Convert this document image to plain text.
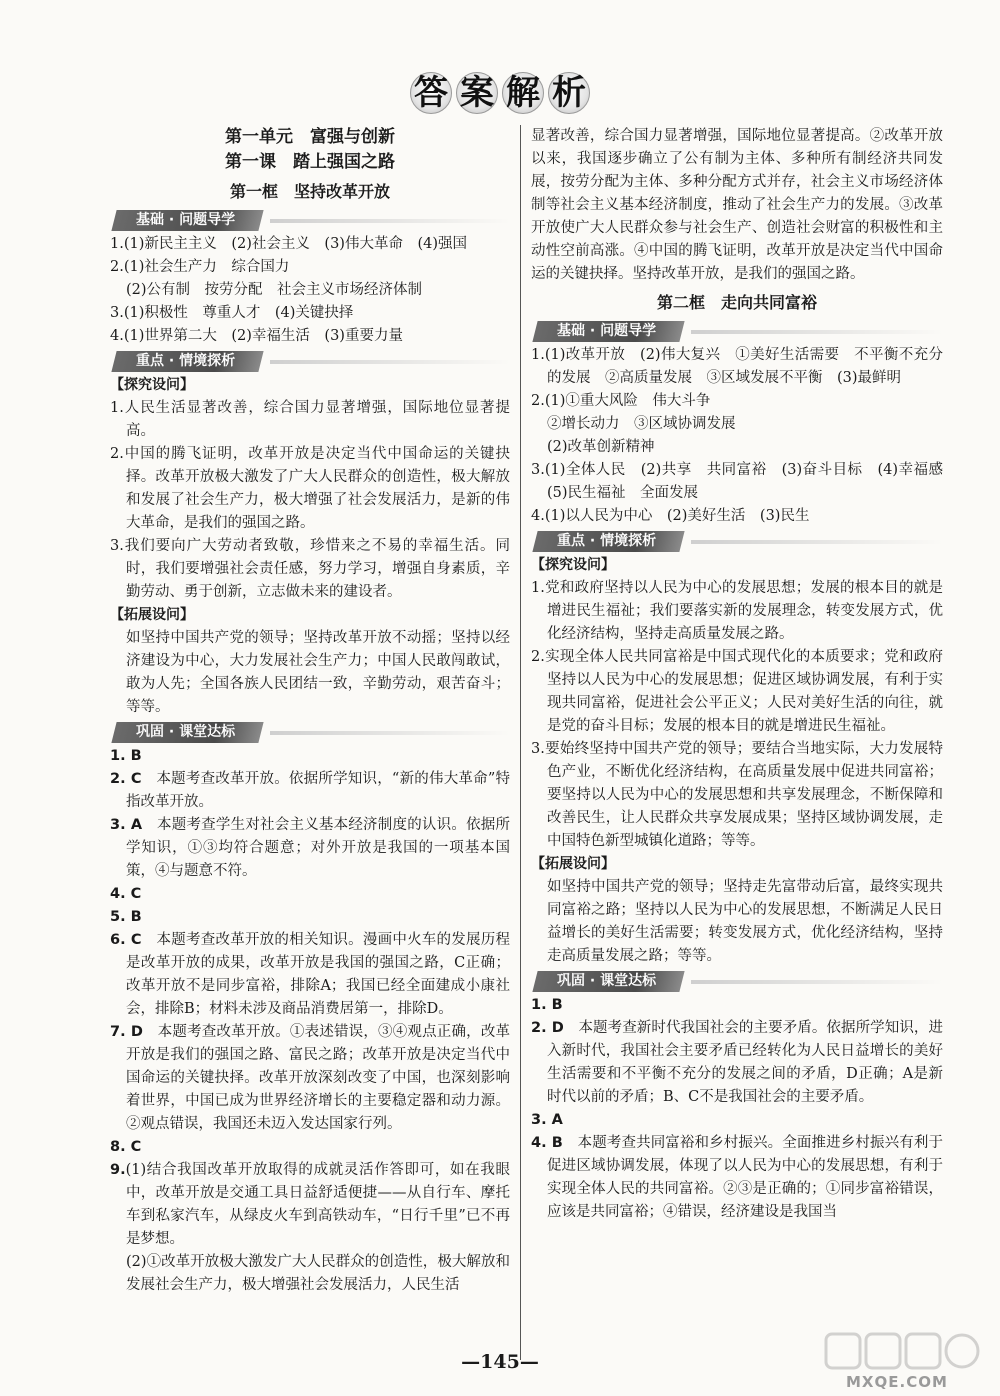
答 案 解 析
第一单元　富强与创新
第一课　踏上强国之路
第一框　坚持改革开放
基础 · 问题导学

1.(1)新民主主义　(2)社会主义　(3)伟大革命　(4)强国

2.(1)社会生产力　综合国力

(2)公有制　按劳分配　社会主义市场经济体制

3.(1)积极性　尊重人才　(4)关键抉择

4.(1)世界第二大　(2)幸福生活　(3)重要力量

重点 · 情境探析
【探究设问】

1.人民生活显著改善，综合国力显著增强，国际地位显著提高。

2.中国的腾飞证明，改革开放是决定当代中国命运的关键抉择。改革开放极大激发了广大人民群众的创造性，极大解放和发展了社会生产力，极大增强了社会发展活力，是新的伟大革命，是我们的强国之路。

3.我们要向广大劳动者致敬，珍惜来之不易的幸福生活。同时，我们要增强社会责任感，努力学习，增强自身素质，辛勤劳动、勇于创新，立志做未来的建设者。

【拓展设问】

如坚持中国共产党的领导；坚持改革开放不动摇；坚持以经济建设为中心，大力发展社会生产力；中国人民敢闯敢试，敢为人先；全国各族人民团结一致，辛勤劳动，艰苦奋斗；等等。

巩固 · 课堂达标

1. B

2. C　 本题考查改革开放。依据所学知识，“新的伟大革命”特指改革开放。

3. A　 本题考查学生对社会主义基本经济制度的认识。依据所学知识，①③均符合题意；对外开放是我国的一项基本国策，④与题意不符。

4. C

5. B

6. C　 本题考查改革开放的相关知识。漫画中火车的发展历程是改革开放的成果，改革开放是我国的强国之路，C正确；改革开放不是同步富裕，排除A；我国已经全面建成小康社会，排除B；材料未涉及商品消费居第一，排除D。

7. D　 本题考查改革开放。①表述错误，③④观点正确，改革开放是我们的强国之路、富民之路；改革开放是决定当代中国命运的关键抉择。改革开放深刻改变了中国，也深刻影响着世界，中国已成为世界经济增长的主要稳定器和动力源。②观点错误，我国还未迈入发达国家行列。

8. C

9.(1)结合我国改革开放取得的成就灵活作答即可，如在我眼中，改革开放是交通工具日益舒适便捷——从自行车、摩托车到私家汽车，从绿皮火车到高铁动车，“日行千里”已不再是梦想。

(2)①改革开放极大激发广大人民群众的创造性，极大解放和发展社会生产力，极大增强社会发展活力，人民生活

显著改善，综合国力显著增强，国际地位显著提高。②改革开放以来，我国逐步确立了公有制为主体、多种所有制经济共同发展，按劳分配为主体、多种分配方式并存，社会主义市场经济体制等社会主义基本经济制度，推动了社会生产力的发展。③改革开放使广大人民群众参与社会生产、创造社会财富的积极性和主动性空前高涨。④中国的腾飞证明，改革开放是决定当代中国命运的关键抉择。坚持改革开放，是我们的强国之路。

第二框　走向共同富裕
基础 · 问题导学

1.(1)改革开放　(2)伟大复兴　①美好生活需要　不平衡不充分的发展　②高质量发展　③区域发展不平衡　(3)最鲜明

2.(1)①重大风险　伟大斗争

②增长动力　③区域协调发展

(2)改革创新精神

3.(1)全体人民　(2)共享　共同富裕　(3)奋斗目标　(4)幸福感　(5)民生福祉　全面发展

4.(1)以人民为中心　(2)美好生活　(3)民生

重点 · 情境探析
【探究设问】

1.党和政府坚持以人民为中心的发展思想；发展的根本目的就是增进民生福祉；我们要落实新的发展理念，转变发展方式，优化经济结构，坚持走高质量发展之路。

2.实现全体人民共同富裕是中国式现代化的本质要求；党和政府坚持以人民为中心的发展思想；促进区域协调发展，有利于实现共同富裕，促进社会公平正义；人民对美好生活的向往，就是党的奋斗目标；发展的根本目的就是增进民生福祉。

3.要始终坚持中国共产党的领导；要结合当地实际，大力发展特色产业，不断优化经济结构，在高质量发展中促进共同富裕；要坚持以人民为中心的发展思想和共享发展理念，不断保障和改善民生，让人民群众共享发展成果；坚持区域协调发展，走中国特色新型城镇化道路；等等。

【拓展设问】

如坚持中国共产党的领导；坚持走先富带动后富，最终实现共同富裕之路；坚持以人民为中心的发展思想，不断满足人民日益增长的美好生活需要；转变发展方式，优化经济结构，坚持走高质量发展之路；等等。

巩固 · 课堂达标

1. B

2. D　 本题考查新时代我国社会的主要矛盾。依据所学知识，进入新时代，我国社会主要矛盾已经转化为人民日益增长的美好生活需要和不平衡不充分的发展之间的矛盾，D正确；A是新时代以前的矛盾；B、C不是我国社会的主要矛盾。

3. A

4. B　 本题考查共同富裕和乡村振兴。全面推进乡村振兴有利于促进区域协调发展，体现了以人民为中心的发展思想，有利于实现全体人民的共同富裕。②③是正确的；①同步富裕错误，应该是共同富裕；④错误，经济建设是我国当

—145—
MXQE.COM
